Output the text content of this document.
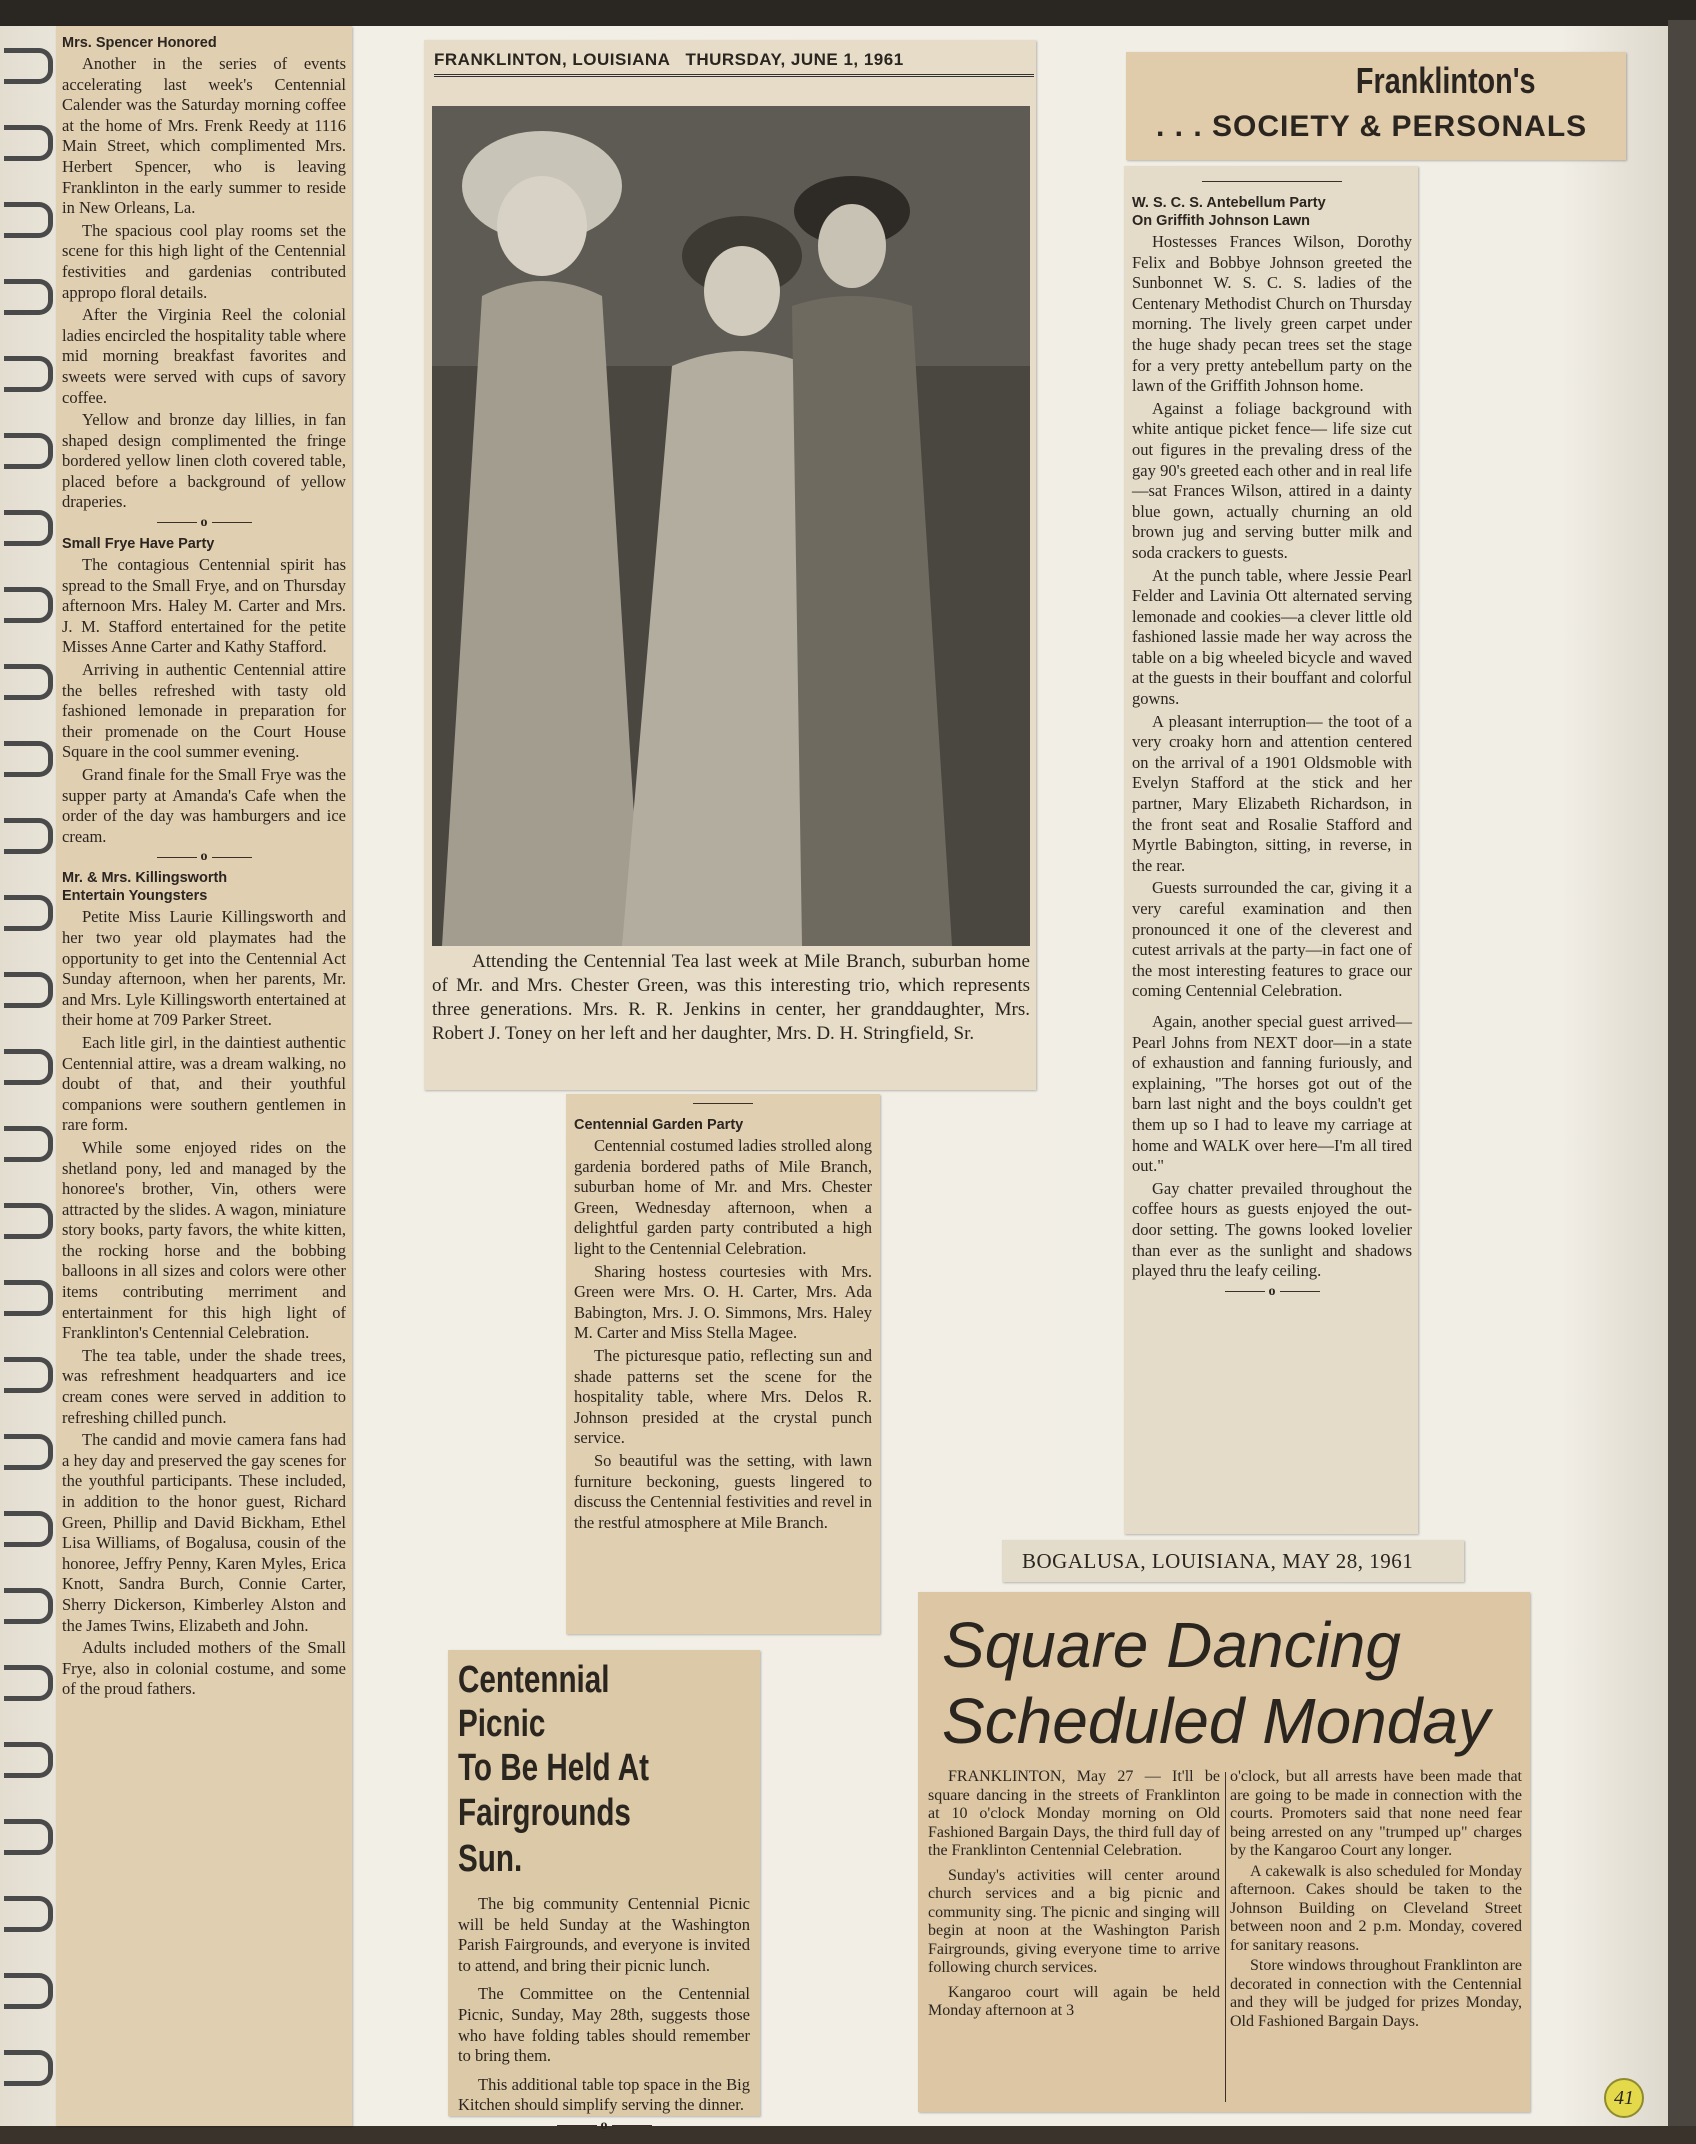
Mrs. Spencer Honored

Another in the series of events accelerating last week's Centennial Calender was the Saturday morning coffee at the home of Mrs. Frenk Reedy at 1116 Main Street, which complimented Mrs. Herbert Spencer, who is leaving Franklinton in the early summer to reside in New Orleans, La.

The spacious cool play rooms set the scene for this high light of the Centennial festivities and gardenias contributed appropo floral details.

After the Virginia Reel the colonial ladies encircled the hospitality table where mid morning breakfast favorites and sweets were served with cups of savory coffee.

Yellow and bronze day lillies, in fan shaped design complimented the fringe bordered yellow linen cloth covered table, placed before a background of yellow draperies.

o
Small Frye Have Party

The contagious Centennial spirit has spread to the Small Frye, and on Thursday afternoon Mrs. Haley M. Carter and Mrs. J. M. Stafford entertained for the petite Misses Anne Carter and Kathy Stafford.

Arriving in authentic Centennial attire the belles refreshed with tasty old fashioned lemonade in preparation for their promenade on the Court House Square in the cool summer evening.

Grand finale for the Small Frye was the supper party at Amanda's Cafe when the order of the day was hamburgers and ice cream.

o
Mr. & Mrs. Killingsworth
Entertain Youngsters

Petite Miss Laurie Killingsworth and her two year old playmates had the opportunity to get into the Centennial Act Sunday afternoon, when her parents, Mr. and Mrs. Lyle Killingsworth entertained at their home at 709 Parker Street.

Each litle girl, in the daintiest authentic Centennial attire, was a dream walking, no doubt of that, and their youthful companions were southern gentlemen in rare form.

While some enjoyed rides on the shetland pony, led and managed by the honoree's brother, Vin, others were attracted by the slides. A wagon, miniature story books, party favors, the white kitten, the rocking horse and the bobbing balloons in all sizes and colors were other items contributing merriment and entertainment for this high light of Franklinton's Centennial Celebration.

The tea table, under the shade trees, was refreshment headquarters and ice cream cones were served in addition to refreshing chilled punch.

The candid and movie camera fans had a hey day and preserved the gay scenes for the youthful participants. These included, in addition to the honor guest, Richard Green, Phillip and David Bickham, Ethel Lisa Williams, of Bogalusa, cousin of the honoree, Jeffry Penny, Karen Myles, Erica Knott, Sandra Burch, Connie Carter, Sherry Dickerson, Kimberley Alston and the James Twins, Elizabeth and John.

Adults included mothers of the Small Frye, also in colonial costume, and some of the proud fathers.

FRANKLINTON, LOUISIANA   THURSDAY, JUNE 1, 1961
Attending the Centennial Tea last week at Mile Branch, suburban home of Mr. and Mrs. Chester Green, was this interesting trio, which represents three generations. Mrs. R. R. Jenkins in center, her granddaughter, Mrs. Robert J. Toney on her left and her daughter, Mrs. D. H. Stringfield, Sr.
Centennial Garden Party

Centennial costumed ladies strolled along gardenia bordered paths of Mile Branch, suburban home of Mr. and Mrs. Chester Green, Wednesday afternoon, when a delightful garden party contributed a high light to the Centennial Celebration.

Sharing hostess courtesies with Mrs. Green were Mrs. O. H. Carter, Mrs. Ada Babington, Mrs. J. O. Simmons, Mrs. Haley M. Carter and Miss Stella Magee.

The picturesque patio, reflecting sun and shade patterns set the scene for the hospitality table, where Mrs. Delos R. Johnson presided at the crystal punch service.

So beautiful was the setting, with lawn furniture beckoning, guests lingered to discuss the Centennial festivities and revel in the restful atmosphere at Mile Branch.

Centennial Picnic
To Be Held At
Fairgrounds Sun.

The big community Centennial Picnic will be held Sunday at the Washington Parish Fairgrounds, and everyone is invited to attend, and bring their picnic lunch.

The Committee on the Centennial Picnic, Sunday, May 28th, suggests those who have folding tables should remember to bring them.

This additional table top space in the Big Kitchen should simplify serving the dinner.

o
Franklinton's
. . . SOCIETY & PERSONALS
W. S. C. S. Antebellum Party
On Griffith Johnson Lawn

Hostesses Frances Wilson, Dorothy Felix and Bobbye Johnson greeted the Sunbonnet W. S. C. S. ladies of the Centenary Methodist Church on Thursday morning. The lively green carpet under the huge shady pecan trees set the stage for a very pretty antebellum party on the lawn of the Griffith Johnson home.

Against a foliage background with white antique picket fence— life size cut out figures in the prevaling dress of the gay 90's greeted each other and in real life—sat Frances Wilson, attired in a dainty blue gown, actually churning an old brown jug and serving butter milk and soda crackers to guests.

At the punch table, where Jessie Pearl Felder and Lavinia Ott alternated serving lemonade and cookies—a clever little old fashioned lassie made her way across the table on a big wheeled bicycle and waved at the guests in their bouffant and colorful gowns.

A pleasant interruption— the toot of a very croaky horn and attention centered on the arrival of a 1901 Oldsmoble with Evelyn Stafford at the stick and her partner, Mary Elizabeth Richardson, in the front seat and Rosalie Stafford and Myrtle Babington, sitting, in reverse, in the rear.

Guests surrounded the car, giving it a very careful examination and then pronounced it one of the cleverest and cutest arrivals at the party—in fact one of the most interesting features to grace our coming Centennial Celebration.

Again, another special guest arrived—Pearl Johns from NEXT door—in a state of exhaustion and fanning furiously, and explaining, "The horses got out of the barn last night and the boys couldn't get them up so I had to leave my carriage at home and WALK over here—I'm all tired out."

Gay chatter prevailed throughout the coffee hours as guests enjoyed the out-door setting. The gowns looked lovelier than ever as the sunlight and shadows played thru the leafy ceiling.

o
BOGALUSA, LOUISIANA, MAY 28, 1961
Square Dancing
Scheduled Monday

FRANKLINTON, May 27 — It'll be square dancing in the streets of Franklinton at 10 o'clock Monday morning on Old Fashioned Bargain Days, the third full day of the Franklinton Centennial Celebration.

Sunday's activities will center around church services and a big picnic and community sing. The picnic and singing will begin at noon at the Washington Parish Fairgrounds, giving everyone time to arrive following church services.

Kangaroo court will again be held Monday afternoon at 3

o'clock, but all arrests have been made that are going to be made in connection with the courts. Promoters said that none need fear being arrested on any "trumped up" charges by the Kangaroo Court any longer.

A cakewalk is also scheduled for Monday afternoon. Cakes should be taken to the Johnson Building on Cleveland Street between noon and 2 p.m. Monday, covered for sanitary reasons.

Store windows throughout Franklinton are decorated in connection with the Centennial and they will be judged for prizes Monday, Old Fashioned Bargain Days.

41
